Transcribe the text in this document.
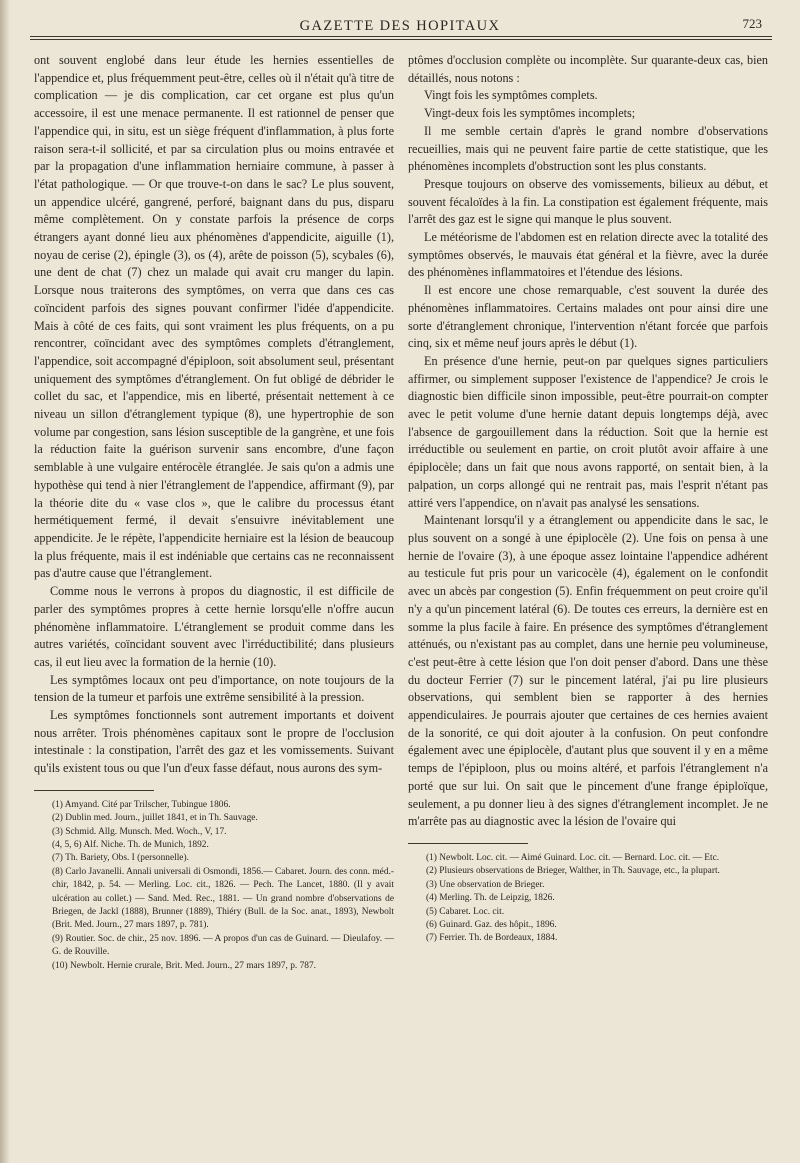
GAZETTE DES HOPITAUX	723

ont souvent englobé dans leur étude les hernies essentielles de l'appendice et, plus fréquemment peut-être, celles où il n'était qu'à titre de complication — je dis complication, car cet organe est plus qu'un accessoire, il est une menace permanente. Il est rationnel de penser que l'appendice qui, in situ, est un siège fréquent d'inflammation, à plus forte raison sera-t-il sollicité, et par sa circulation plus ou moins entravée et par la propagation d'une inflammation herniaire commune, à passer à l'état pathologique. — Or que trouve-t-on dans le sac? Le plus souvent, un appendice ulcéré, gangrené, perforé, baignant dans du pus, disparu même complètement. On y constate parfois la présence de corps étrangers ayant donné lieu aux phénomènes d'appendicite, aiguille (1), noyau de cerise (2), épingle (3), os (4), arête de poisson (5), scybales (6), une dent de chat (7) chez un malade qui avait cru manger du lapin. Lorsque nous traiterons des symptômes, on verra que dans ces cas coïncident parfois des signes pouvant confirmer l'idée d'appendicite. Mais à côté de ces faits, qui sont vraiment les plus fréquents, on a pu rencontrer, coïncidant avec des symptômes complets d'étranglement, l'appendice, soit accompagné d'épiploon, soit absolument seul, présentant uniquement des symptômes d'étranglement. On fut obligé de débrider le collet du sac, et l'appendice, mis en liberté, présentait nettement à ce niveau un sillon d'étranglement typique (8), une hypertrophie de son volume par congestion, sans lésion susceptible de la gangrène, et une fois la réduction faite la guérison survenir sans encombre, d'une façon semblable à une vulgaire entérocèle étranglée. Je sais qu'on a admis une hypothèse qui tend à nier l'étranglement de l'appendice, affirmant (9), par la théorie dite du « vase clos », que le calibre du processus étant hermétiquement fermé, il devait s'ensuivre inévitablement une appendicite. Je le répète, l'appendicite herniaire est la lésion de beaucoup la plus fréquente, mais il est indéniable que certains cas ne reconnaissent pas d'autre cause que l'étranglement.

Comme nous le verrons à propos du diagnostic, il est difficile de parler des symptômes propres à cette hernie lorsqu'elle n'offre aucun phénomène inflammatoire. L'étranglement se produit comme dans les autres variétés, coïncidant souvent avec l'irréductibilité; dans plusieurs cas, il eut lieu avec la formation de la hernie (10).

Les symptômes locaux ont peu d'importance, on note toujours de la tension de la tumeur et parfois une extrême sensibilité à la pression.

Les symptômes fonctionnels sont autrement importants et doivent nous arrêter. Trois phénomènes capitaux sont le propre de l'occlusion intestinale : la constipation, l'arrêt des gaz et les vomissements. Suivant qu'ils existent tous ou que l'un d'eux fasse défaut, nous aurons des sym-

(1) Amyand. Cité par Trilscher, Tubingue 1806.

(2) Dublin med. Journ., juillet 1841, et in Th. Sauvage.

(3) Schmid. Allg. Munsch. Med. Woch., V, 17.

(4, 5, 6) Alf. Niche. Th. de Munich, 1892.

(7) Th. Bariety, Obs. I (personnelle).

(8) Carlo Javanelli. Annali universali di Osmondi, 1856.— Cabaret. Journ. des conn. méd.-chir, 1842, p. 54. — Merling. Loc. cit., 1826. — Pech. The Lancet, 1880. (Il y avait ulcération au collet.) — Sand. Med. Rec., 1881. — Un grand nombre d'observations de Briegen, de Jackl (1888), Brunner (1889), Thiéry (Bull. de la Soc. anat., 1893), Newbolt (Brit. Med. Journ., 27 mars 1897, p. 781).

(9) Routier. Soc. de chir., 25 nov. 1896. — A propos d'un cas de Guinard. — Dieulafoy. — G. de Rouville.

(10) Newbolt. Hernie crurale, Brit. Med. Journ., 27 mars 1897, p. 787.

ptômes d'occlusion complète ou incomplète. Sur quarante-deux cas, bien détaillés, nous notons :

Vingt fois les symptômes complets.

Vingt-deux fois les symptômes incomplets;

Il me semble certain d'après le grand nombre d'observations recueillies, mais qui ne peuvent faire partie de cette statistique, que les phénomènes incomplets d'obstruction sont les plus constants.

Presque toujours on observe des vomissements, bilieux au début, et souvent fécaloïdes à la fin. La constipation est également fréquente, mais l'arrêt des gaz est le signe qui manque le plus souvent.

Le météorisme de l'abdomen est en relation directe avec la totalité des symptômes observés, le mauvais état général et la fièvre, avec la durée des phénomènes inflammatoires et l'étendue des lésions.

Il est encore une chose remarquable, c'est souvent la durée des phénomènes inflammatoires. Certains malades ont pour ainsi dire une sorte d'étranglement chronique, l'intervention n'étant forcée que parfois cinq, six et même neuf jours après le début (1).

En présence d'une hernie, peut-on par quelques signes particuliers affirmer, ou simplement supposer l'existence de l'appendice? Je crois le diagnostic bien difficile sinon impossible, peut-être pourrait-on compter avec le petit volume d'une hernie datant depuis longtemps déjà, avec l'absence de gargouillement dans la réduction. Soit que la hernie est irréductible ou seulement en partie, on croit plutôt avoir affaire à une épiplocèle; dans un fait que nous avons rapporté, on sentait bien, à la palpation, un corps allongé qui ne rentrait pas, mais l'esprit n'étant pas attiré vers l'appendice, on n'avait pas analysé les sensations.

Maintenant lorsqu'il y a étranglement ou appendicite dans le sac, le plus souvent on a songé à une épiplocèle (2). Une fois on pensa à une hernie de l'ovaire (3), à une époque assez lointaine l'appendice adhérent au testicule fut pris pour un varicocèle (4), également on le confondit avec un abcès par congestion (5). Enfin fréquemment on peut croire qu'il n'y a qu'un pincement latéral (6). De toutes ces erreurs, la dernière est en somme la plus facile à faire. En présence des symptômes d'étranglement atténués, ou n'existant pas au complet, dans une hernie peu volumineuse, c'est peut-être à cette lésion que l'on doit penser d'abord. Dans une thèse du docteur Ferrier (7) sur le pincement latéral, j'ai pu lire plusieurs observations, qui semblent bien se rapporter à des hernies appendiculaires. Je pourrais ajouter que certaines de ces hernies avaient de la sonorité, ce qui doit ajouter à la confusion. On peut confondre également avec une épiplocèle, d'autant plus que souvent il y en a même temps de l'épiploon, plus ou moins altéré, et parfois l'étranglement n'a porté que sur lui. On sait que le pincement d'une frange épiploïque, seulement, a pu donner lieu à des signes d'étranglement incomplet. Je ne m'arrête pas au diagnostic avec la lésion de l'ovaire qui

(1) Newbolt. Loc. cit. — Aimé Guinard. Loc. cit. — Bernard. Loc. cit. — Etc.

(2) Plusieurs observations de Brieger, Walther, in Th. Sauvage, etc., la plupart.

(3) Une observation de Brieger.

(4) Merling. Th. de Leipzig, 1826.

(5) Cabaret. Loc. cit.

(6) Guinard. Gaz. des hôpit., 1896.

(7) Ferrier. Th. de Bordeaux, 1884.
